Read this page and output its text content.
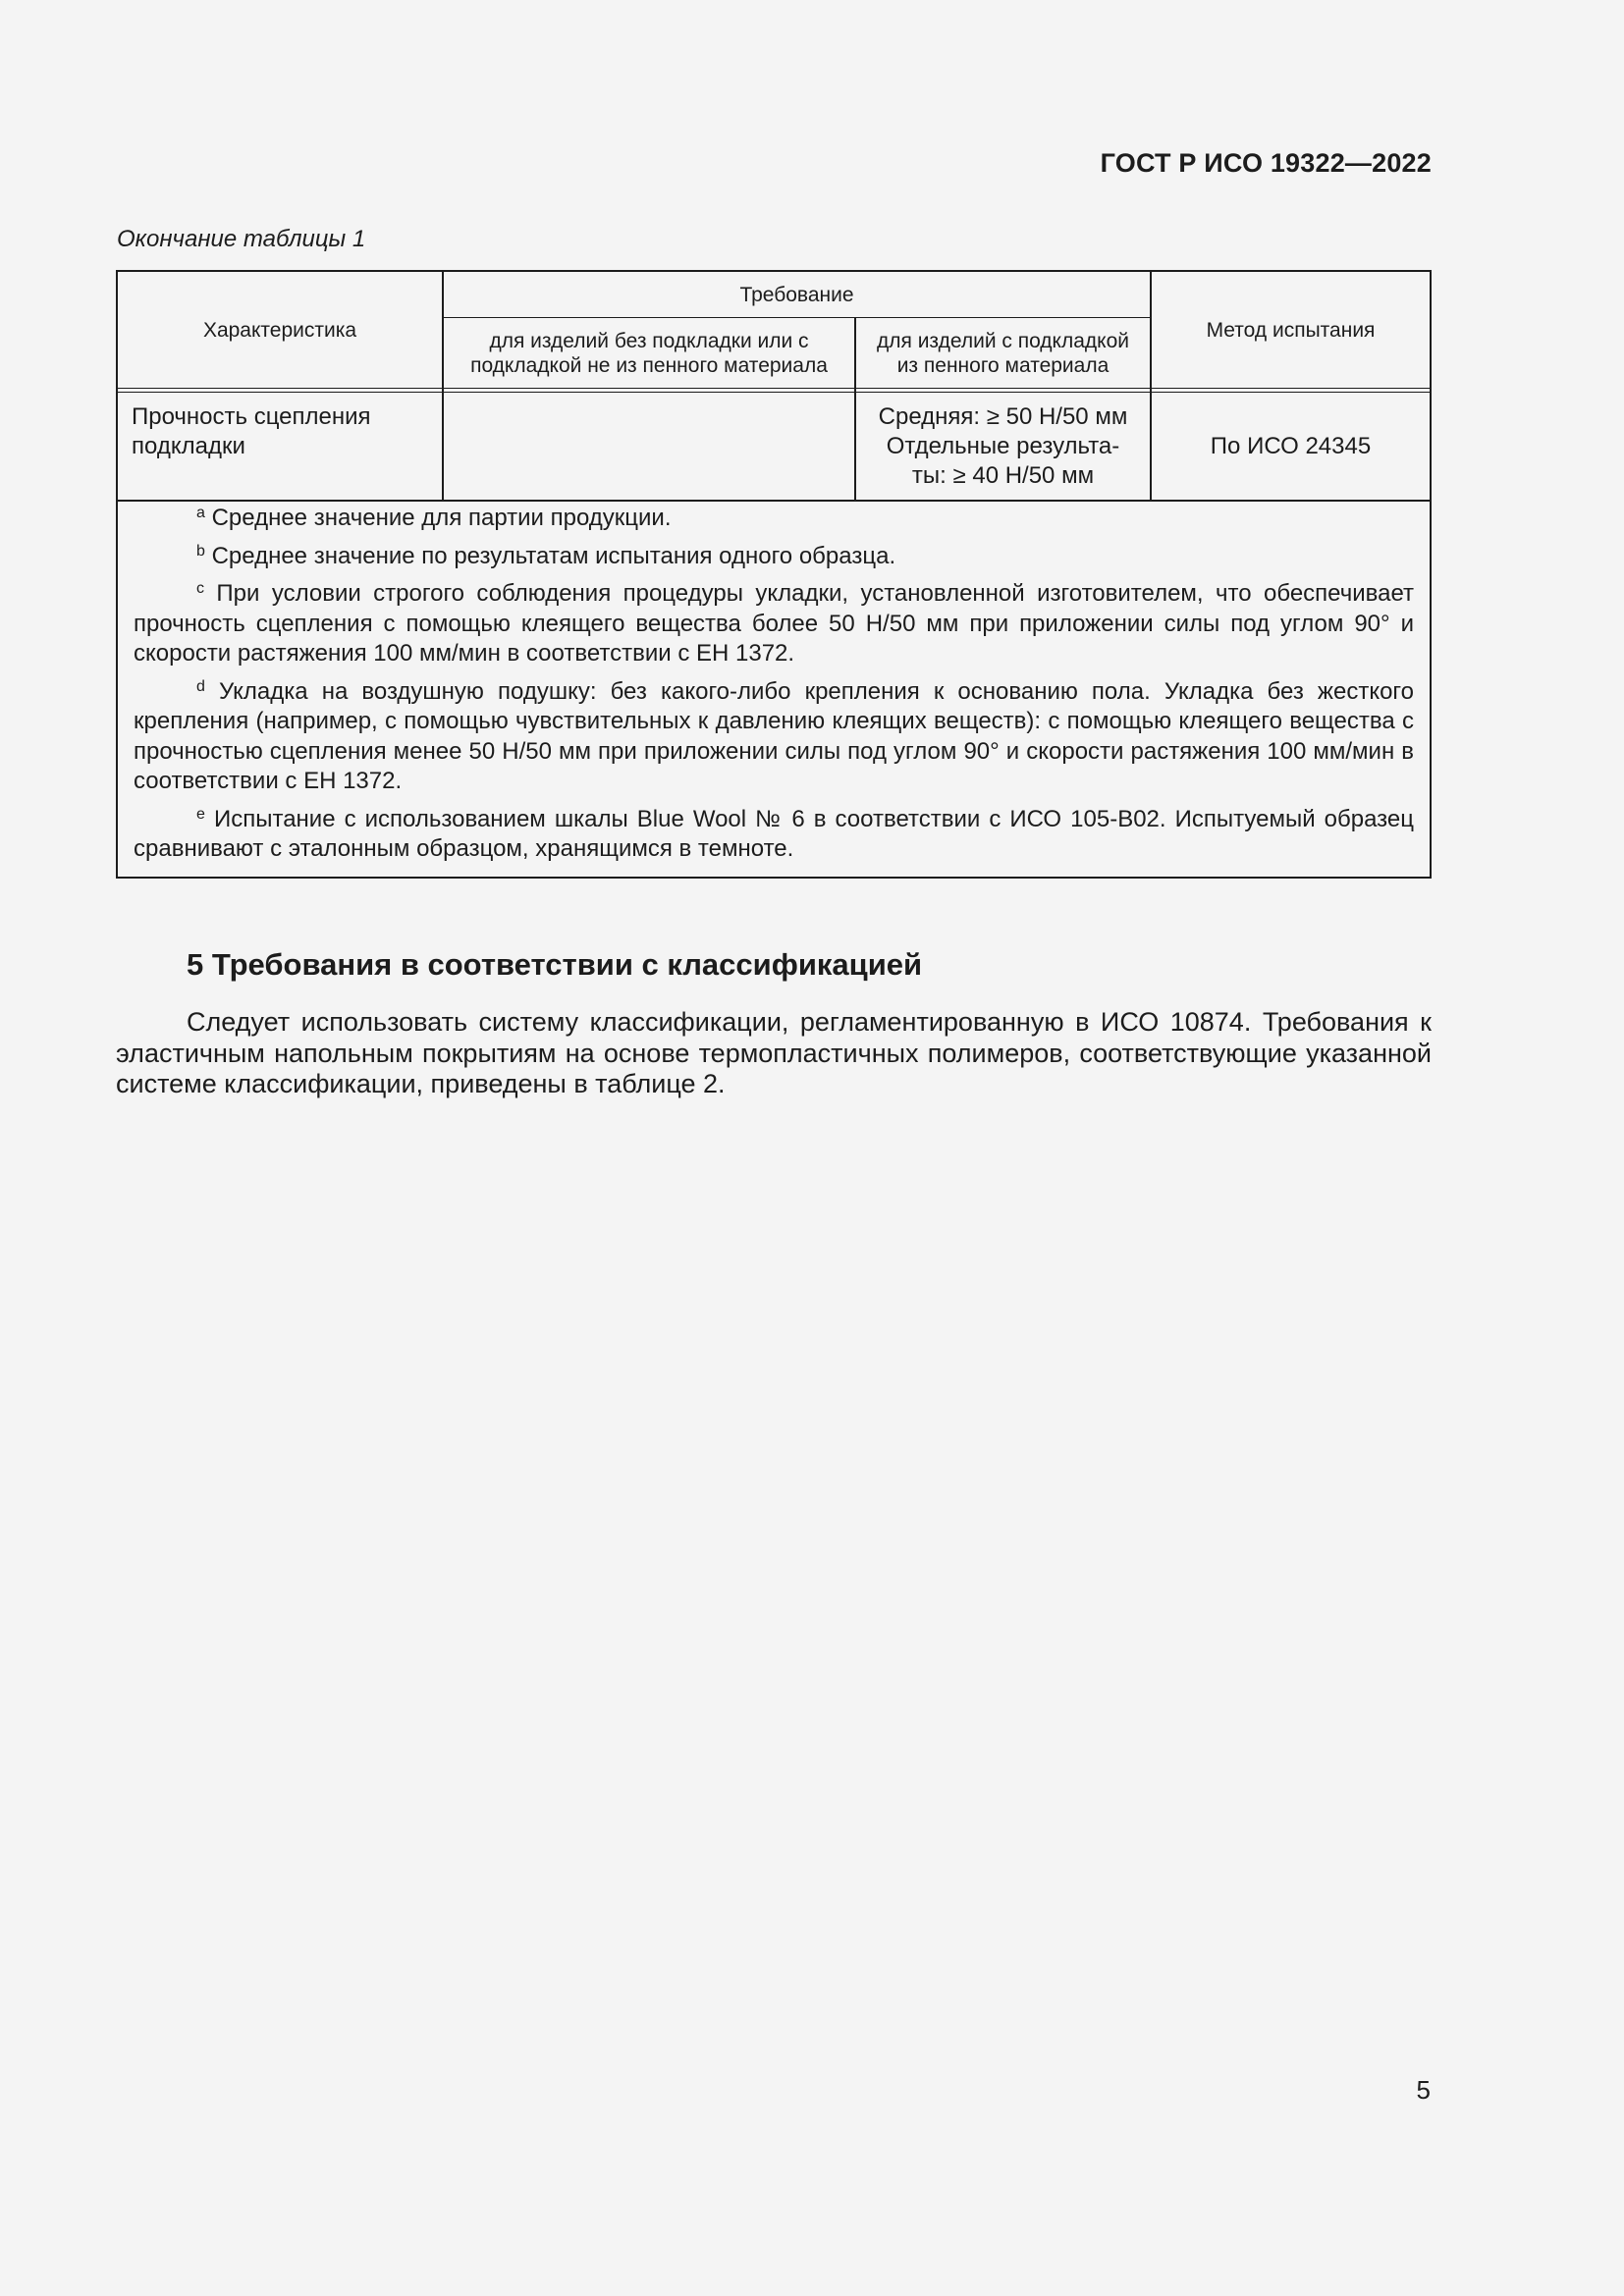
ГОСТ Р ИСО 19322—2022
Окончание таблицы 1
Характеристика
Требование
для изделий без подкладки или с подкладкой не из пенного материала
для изделий с подкладкой из пенного материала
Метод испытания
Прочность сцепления подкладки
Средняя: ≥ 50 Н/50 мм
Отдельные результа-
ты: ≥ 40 Н/50 мм
По ИСО 24345
$^a$ Среднее значение для партии продукции.
$^b$ Среднее значение по результатам испытания одного образца.
$^c$ При условии строгого соблюдения процедуры укладки, установленной изготовителем, что обеспечивает прочность сцепления с помощью клеящего вещества более 50 Н/50 мм при приложении силы под углом 90° и скорости растяжения 100 мм/мин в соответствии с ЕН 1372.
$^d$ Укладка на воздушную подушку: без какого-либо крепления к основанию пола. Укладка без жесткого крепления (например, с помощью чувствительных к давлению клеящих веществ): с помощью клеящего вещества с прочностью сцепления менее 50 Н/50 мм при приложении силы под углом 90° и скорости растяжения 100 мм/мин в соответствии с ЕН 1372.
$^e$ Испытание с использованием шкалы Blue Wool № 6 в соответствии с ИСО 105-B02. Испытуемый образец сравнивают с эталонным образцом, хранящимся в темноте.
5 Требования в соответствии с классификацией
Следует использовать систему классификации, регламентированную в ИСО 10874. Требования к эластичным напольным покрытиям на основе термопластичных полимеров, соответствующие указанной системе классификации, приведены в таблице 2.
5
